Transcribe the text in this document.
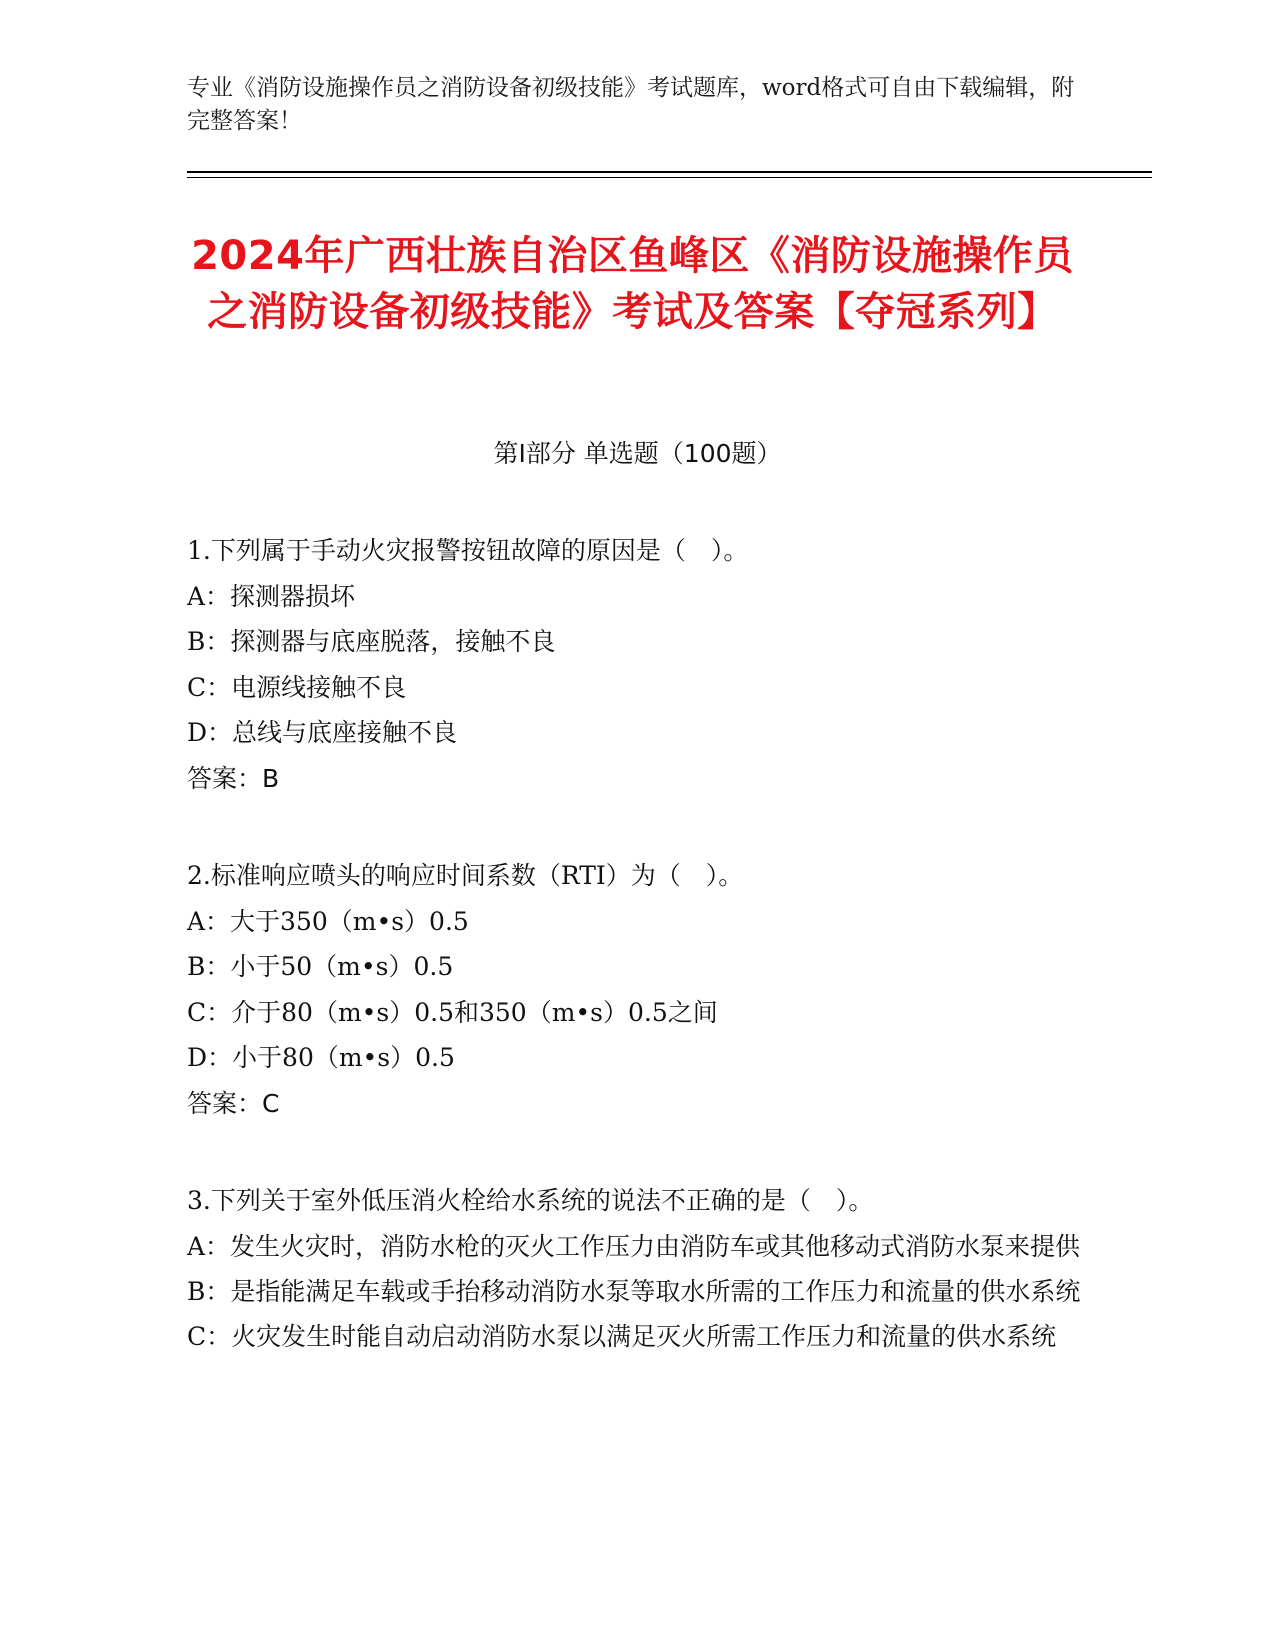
专业《消防设施操作员之消防设备初级技能》考试题库，word格式可自由下载编辑，附完整答案！
2024年广西壮族自治区鱼峰区《消防设施操作员之消防设备初级技能》考试及答案【夺冠系列】
第Ⅰ部分 单选题（100题）
1.下列属于手动火灾报警按钮故障的原因是（　）。
A：探测器损坏
B：探测器与底座脱落，接触不良
C：电源线接触不良
D：总线与底座接触不良
答案：B
2.标准响应喷头的响应时间系数（RTI）为（　）。
A：大于350（m•s）0.5
B：小于50（m•s）0.5
C：介于80（m•s）0.5和350（m•s）0.5之间
D：小于80（m•s）0.5
答案：C
3.下列关于室外低压消火栓给水系统的说法不正确的是（　）。
A：发生火灾时，消防水枪的灭火工作压力由消防车或其他移动式消防水泵来提供
B：是指能满足车载或手抬移动消防水泵等取水所需的工作压力和流量的供水系统
C：火灾发生时能自动启动消防水泵以满足灭火所需工作压力和流量的供水系统
